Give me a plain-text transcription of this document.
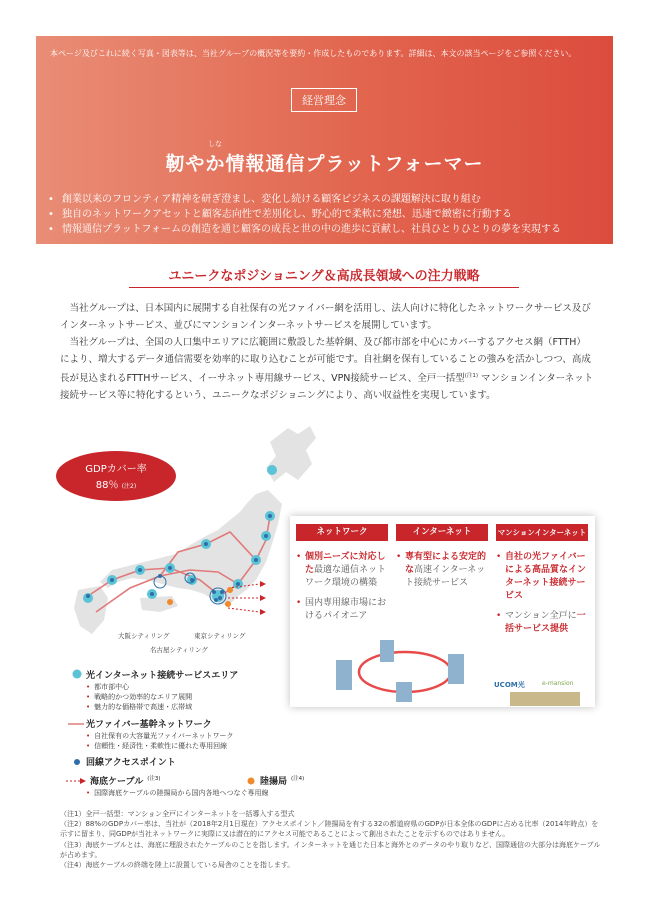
本ページ及びこれに続く写真・図表等は、当社グループの概況等を要約・作成したものであります。詳細は、本文の該当ページをご参照ください。
経営理念
しな
靭やか情報通信プラットフォーマー
• 創業以来のフロンティア精神を研ぎ澄まし、変化し続ける顧客ビジネスの課題解決に取り組む
• 独自のネットワークアセットと顧客志向性で差別化し、野心的で柔軟に発想、迅速で緻密に行動する
• 情報通信プラットフォームの創造を通じ顧客の成長と世の中の進歩に貢献し、社員ひとりひとりの夢を実現する
ユニークなポジショニング＆高成長領域への注力戦略

当社グループは、日本国内に展開する自社保有の光ファイバー網を活用し、法人向けに特化したネットワークサービス及びインターネットサービス、並びにマンションインターネットサービスを展開しています。

当社グループは、全国の人口集中エリアに広範囲に敷設した基幹網、及び都市部を中心にカバーするアクセス網（FTTH）により、増大するデータ通信需要を効率的に取り込むことが可能です。自社網を保有していることの強みを活かしつつ、高成長が見込まれるFTTHサービス、イーサネット専用線サービス、VPN接続サービス、全戸一括型$^{(注1)}$ マンションインターネット接続サービス等に特化するという、ユニークなポジショニングにより、高い収益性を実現しています。

大阪シティリング	東京シティリング
名古屋シティリング
GDPカバー率
88％ (注2)
ネットワーク
• 個別ニーズに対応した最適な通信ネットワーク環境の構築
• 国内専用線市場におけるパイオニア
インターネット
• 専有型による安定的な高速インターネット接続サービス
マンションインターネット
• 自社の光ファイバーによる高品質なインターネット接続サービス
• マンション全戸に一括サービス提供
UCOM光	e-mansion
光インターネット接続サービスエリア
• 都市部中心
• 戦略的かつ効率的なエリア展開
• 魅力的な価格帯で高速・広帯域
光ファイバー基幹ネットワーク
• 自社保有の大容量光ファイバーネットワーク
• 信頼性・経済性・柔軟性に優れた専用回線
回線アクセスポイント
海底ケーブル $^{(注3)}$	陸揚局 $^{(注4)}$
• 国際海底ケーブルの陸揚局から国内各地へつなぐ専用線
（注1）全戸一括型：マンション全戸にインターネットを一括導入する型式
（注2）88%のGDPカバー率は、当社が（2018年2月1日現在）アクセスポイント／陸揚局を有する32の都道府県のGDPが日本全体のGDPに占める比率（2014年時点）を示すに留まり、同GDPが当社ネットワークに実際に又は潜在的にアクセス可能であることによって創出されたことを示すものではありません。
（注3）海底ケーブルとは、海底に埋設されたケーブルのことを指します。インターネットを通じた日本と海外とのデータのやり取りなど、国際通信の大部分は海底ケーブルが占めます。
（注4）海底ケーブルの終端を陸上に設置している局舎のことを指します。
